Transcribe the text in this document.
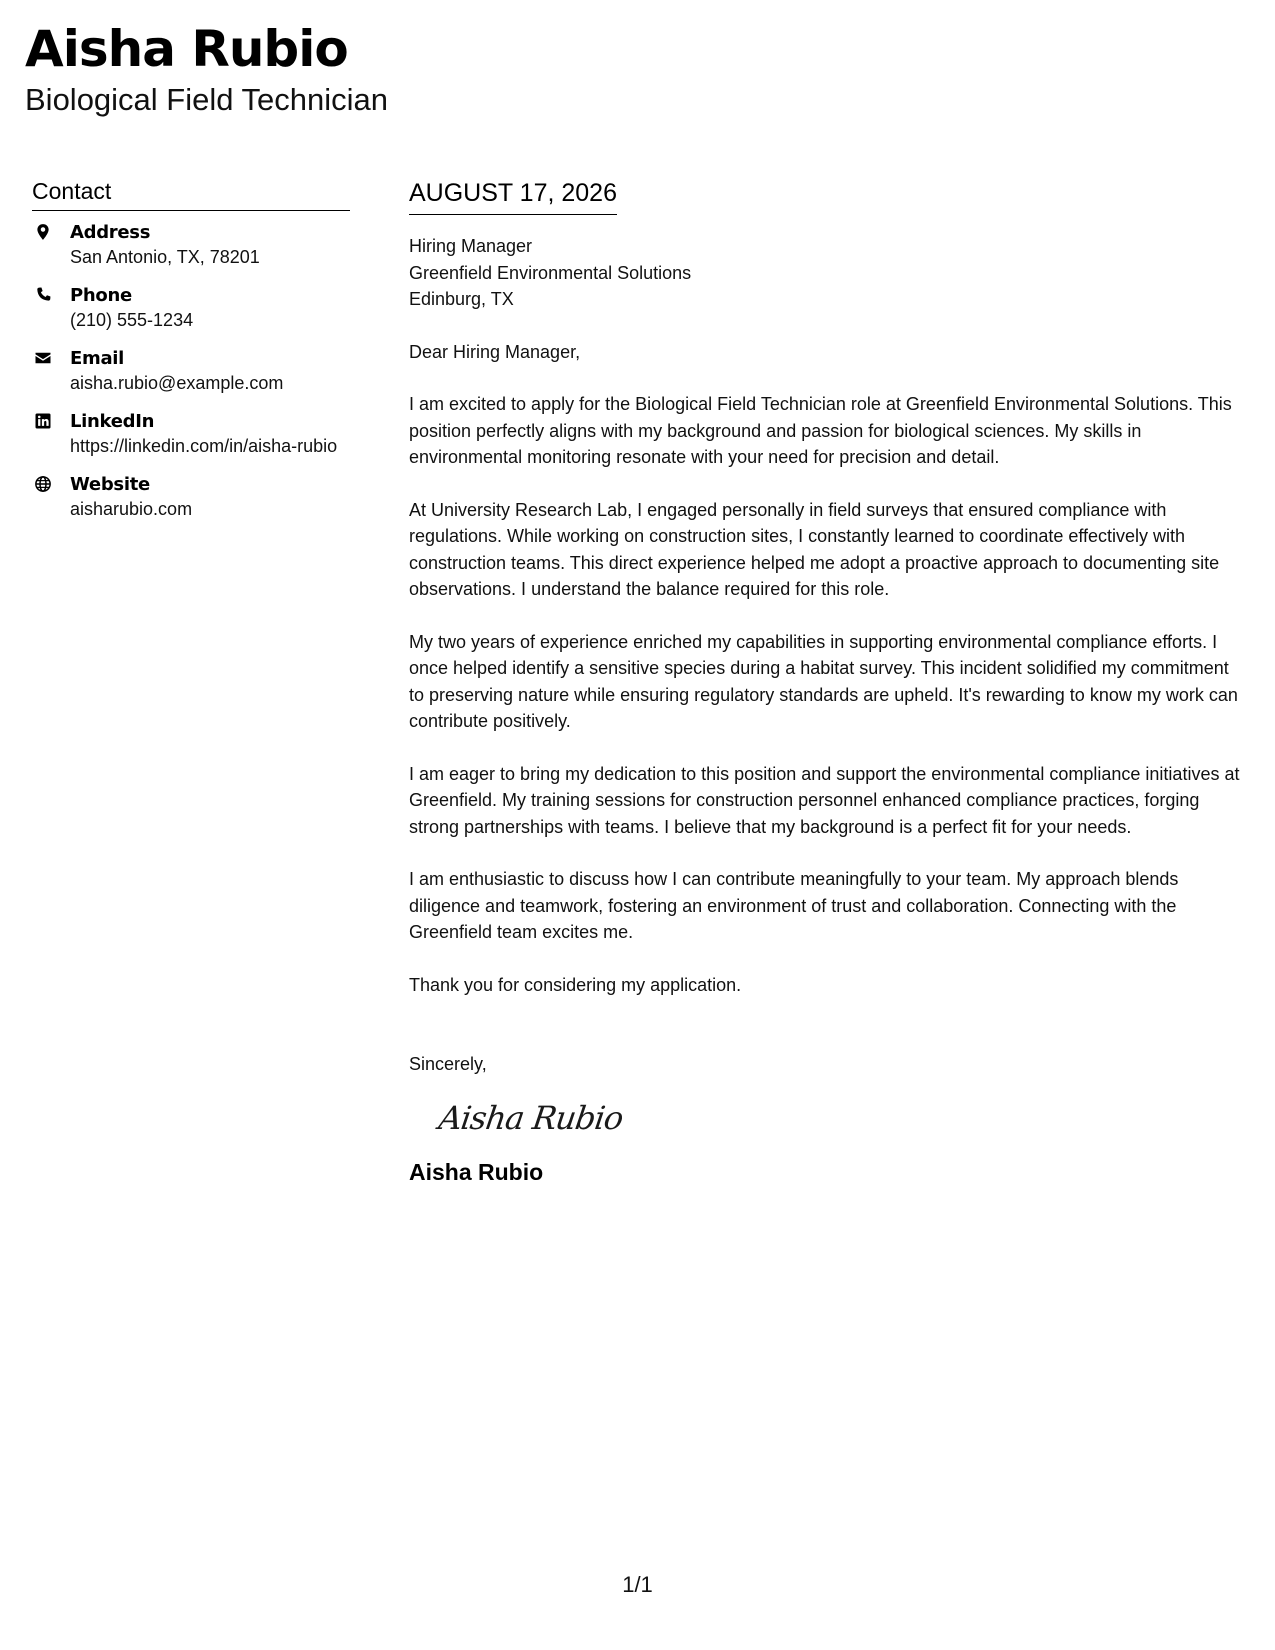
Aisha Rubio
Biological Field Technician
Contact
Address
San Antonio, TX, 78201
Phone
(210) 555-1234
Email
aisha.rubio@example.com
LinkedIn
https://linkedin.com/in/aisha-rubio
Website
aisharubio.com
AUGUST 17, 2026
Hiring Manager
Greenfield Environmental Solutions
Edinburg, TX
Dear Hiring Manager,

I am excited to apply for the Biological Field Technician role at Greenfield Environmental Solutions. This position perfectly aligns with my background and passion for biological sciences. My skills in environmental monitoring resonate with your need for precision and detail.

At University Research Lab, I engaged personally in field surveys that ensured compliance with regulations. While working on construction sites, I constantly learned to coordinate effectively with construction teams. This direct experience helped me adopt a proactive approach to documenting site observations. I understand the balance required for this role.

My two years of experience enriched my capabilities in supporting environmental compliance efforts. I once helped identify a sensitive species during a habitat survey. This incident solidified my commitment to preserving nature while ensuring regulatory standards are upheld. It's rewarding to know my work can contribute positively.

I am eager to bring my dedication to this position and support the environmental compliance initiatives at Greenfield. My training sessions for construction personnel enhanced compliance practices, forging strong partnerships with teams. I believe that my background is a perfect fit for your needs.

I am enthusiastic to discuss how I can contribute meaningfully to your team. My approach blends diligence and teamwork, fostering an environment of trust and collaboration. Connecting with the Greenfield team excites me.

Thank you for considering my application.

Sincerely,
Aisha Rubio
Aisha Rubio
1/1
